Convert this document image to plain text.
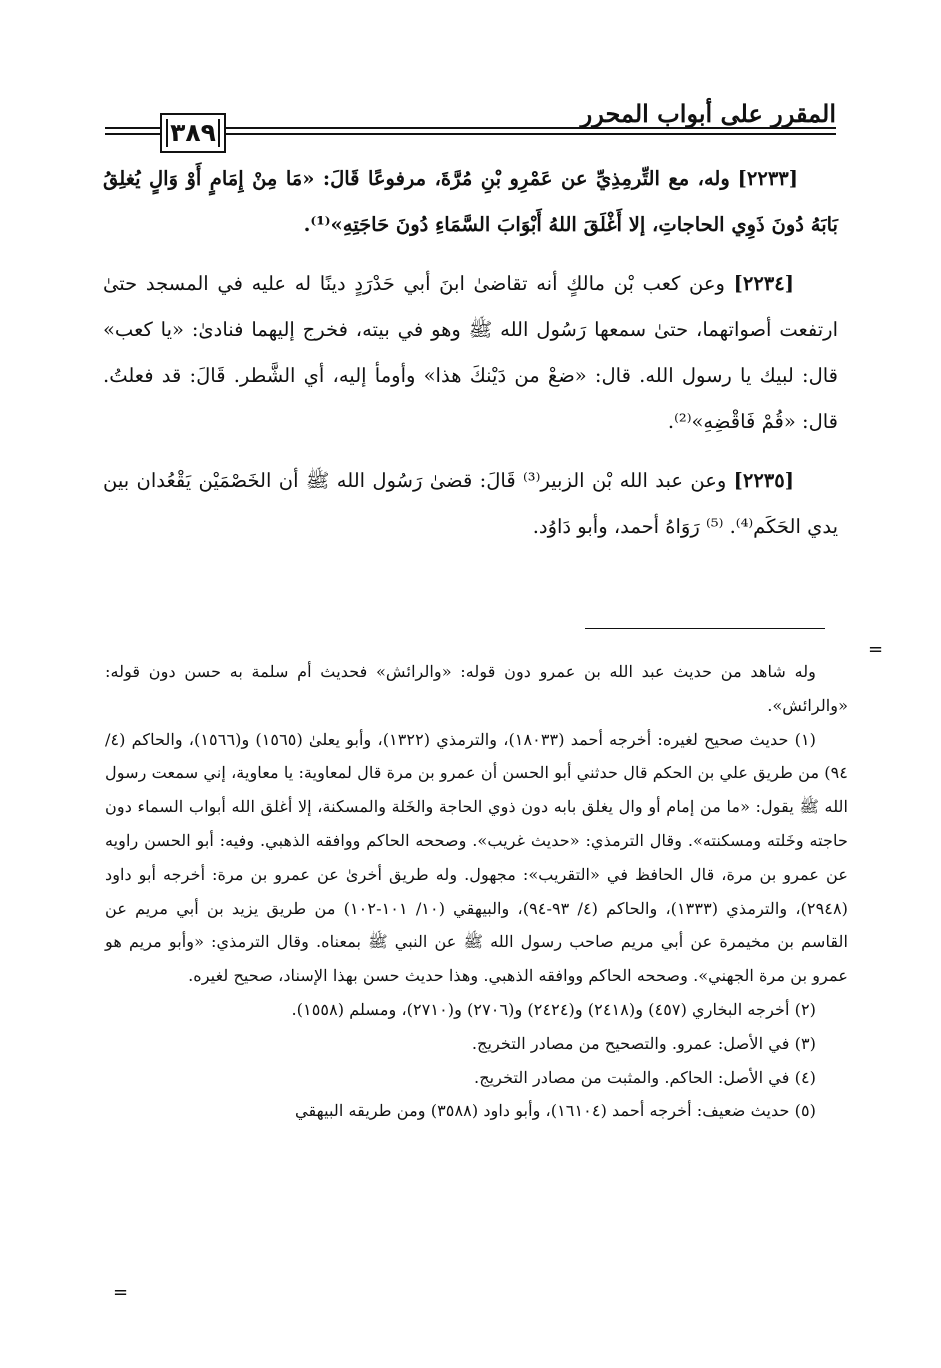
المقرر على أبواب المحرر
٣٨٩

[٢٢٣٣] وله، مع التِّرمِذِيِّ عن عَمْرِو بْنِ مُرَّةَ، مرفوعًا قَالَ: «مَا مِنْ إِمَامٍ أَوْ وَالٍ يُغلِقُ بَابَهُ دُونَ ذَوِي الحاجاتِ، إلا أَغْلَقَ اللهُ أَبْوَابَ السَّمَاءِ دُونَ حَاجَتِهِ»⁽¹⁾.

[٢٢٣٤] وعن كعب بْن مالكٍ أنه تقاضىٰ ابنَ أبي حَدْرَدٍ دينًا له عليه في المسجد حتىٰ ارتفعت أصواتهما، حتىٰ سمعها رَسُول الله ﷺ وهو في بيته، فخرج إليهما فنادىٰ: «يا كعب» قال: لبيك يا رسول الله. قال: «ضعْ من دَيْنكَ هذا» وأومأ إليه، أي الشَّطر. قَالَ: قد فعلتُ. قال: «قُمْ فَاقْضِهِ»⁽²⁾.

[٢٢٣٥] وعن عبد الله بْن الزبير⁽³⁾ قَالَ: قضىٰ رَسُول الله ﷺ أن الخَصْمَيْن يَقْعُدان بين يدي الحَكَم⁽⁴⁾. ⁽⁵⁾ رَوَاهُ أحمد، وأبو دَاوُد.

=

وله شاهد من حديث عبد الله بن عمرو دون قوله: «والرائش» فحديث أم سلمة به حسن دون قوله: «والرائش».

(١) حديث صحيح لغيره: أخرجه أحمد (١٨٠٣٣)، والترمذي (١٣٢٢)، وأبو يعلىٰ (١٥٦٥) و(١٥٦٦)، والحاكم (٤/ ٩٤) من طريق علي بن الحكم قال حدثني أبو الحسن أن عمرو بن مرة قال لمعاوية: يا معاوية، إني سمعت رسول الله ﷺ يقول: «ما من إمام أو وال يغلق بابه دون ذوي الحاجة والخَلة والمسكنة، إلا أغلق الله أبواب السماء دون حاجته وخَلته ومسكنته». وقال الترمذي: «حديث غريب». وصححه الحاكم ووافقه الذهبي. وفيه: أبو الحسن راويه عن عمرو بن مرة، قال الحافظ في «التقريب»: مجهول. وله طريق أخرىٰ عن عمرو بن مرة: أخرجه أبو داود (٢٩٤٨)، والترمذي (١٣٣٣)، والحاكم (٤/ ٩٣-٩٤)، والبيهقي (١٠/ ١٠١-١٠٢) من طريق يزيد بن أبي مريم عن القاسم بن مخيمرة عن أبي مريم صاحب رسول الله ﷺ عن النبي ﷺ بمعناه. وقال الترمذي: «وأبو مريم هو عمرو بن مرة الجهني». وصححه الحاكم ووافقه الذهبي. وهذا حديث حسن بهذا الإسناد، صحيح لغيره.

(٢) أخرجه البخاري (٤٥٧) و(٢٤١٨) و(٢٤٢٤) و(٢٧٠٦) و(٢٧١٠)، ومسلم (١٥٥٨).

(٣) في الأصل: عمرو. والتصحيح من مصادر التخريج.

(٤) في الأصل: الحاكم. والمثبت من مصادر التخريج.

(٥) حديث ضعيف: أخرجه أحمد (١٦١٠٤)، وأبو داود (٣٥٨٨) ومن طريقه البيهقي

=
